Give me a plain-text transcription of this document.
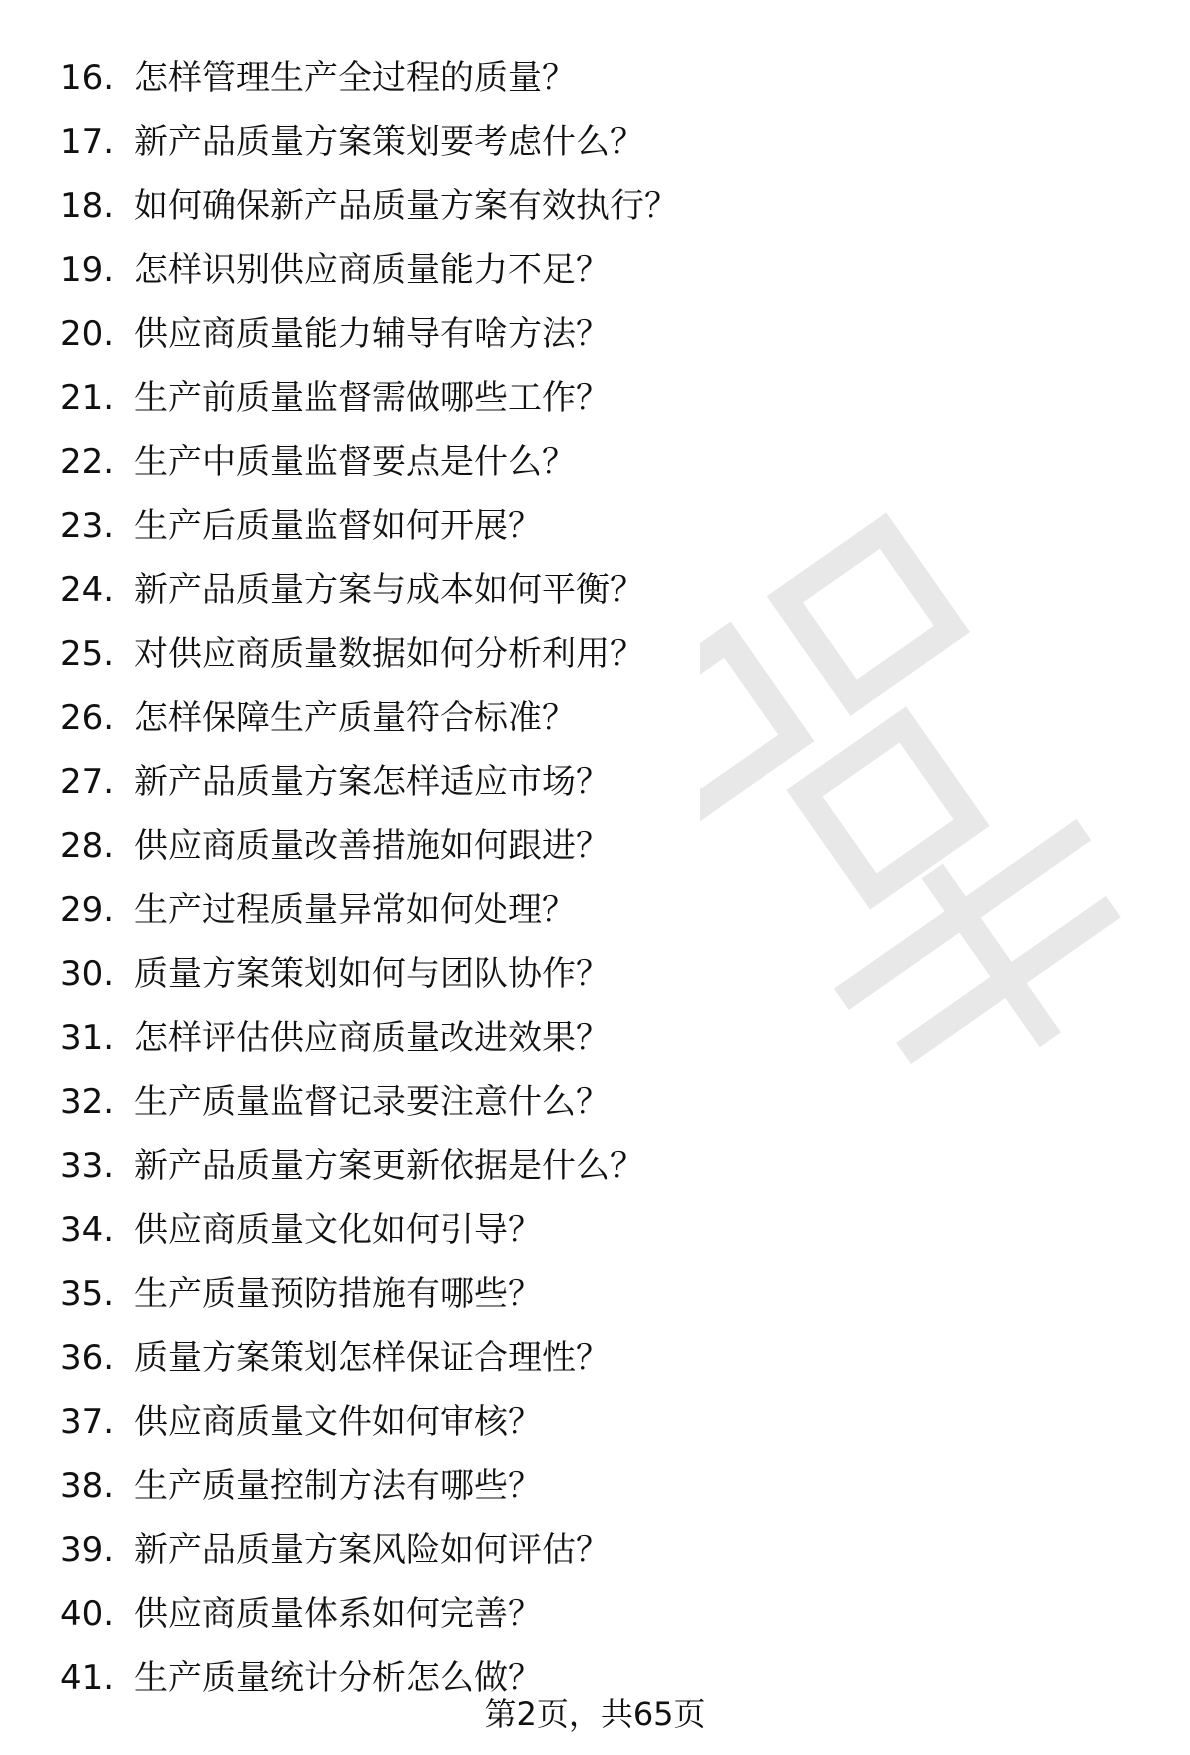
16. 怎样管理生产全过程的质量？
17. 新产品质量方案策划要考虑什么？
18. 如何确保新产品质量方案有效执行？
19. 怎样识别供应商质量能力不足？
20. 供应商质量能力辅导有啥方法？
21. 生产前质量监督需做哪些工作？
22. 生产中质量监督要点是什么？
23. 生产后质量监督如何开展？
24. 新产品质量方案与成本如何平衡？
25. 对供应商质量数据如何分析利用？
26. 怎样保障生产质量符合标准？
27. 新产品质量方案怎样适应市场？
28. 供应商质量改善措施如何跟进？
29. 生产过程质量异常如何处理？
30. 质量方案策划如何与团队协作？
31. 怎样评估供应商质量改进效果？
32. 生产质量监督记录要注意什么？
33. 新产品质量方案更新依据是什么？
34. 供应商质量文化如何引导？
35. 生产质量预防措施有哪些？
36. 质量方案策划怎样保证合理性？
37. 供应商质量文件如何审核？
38. 生产质量控制方法有哪些？
39. 新产品质量方案风险如何评估？
40. 供应商质量体系如何完善？
41. 生产质量统计分析怎么做？
第2页，共65页
